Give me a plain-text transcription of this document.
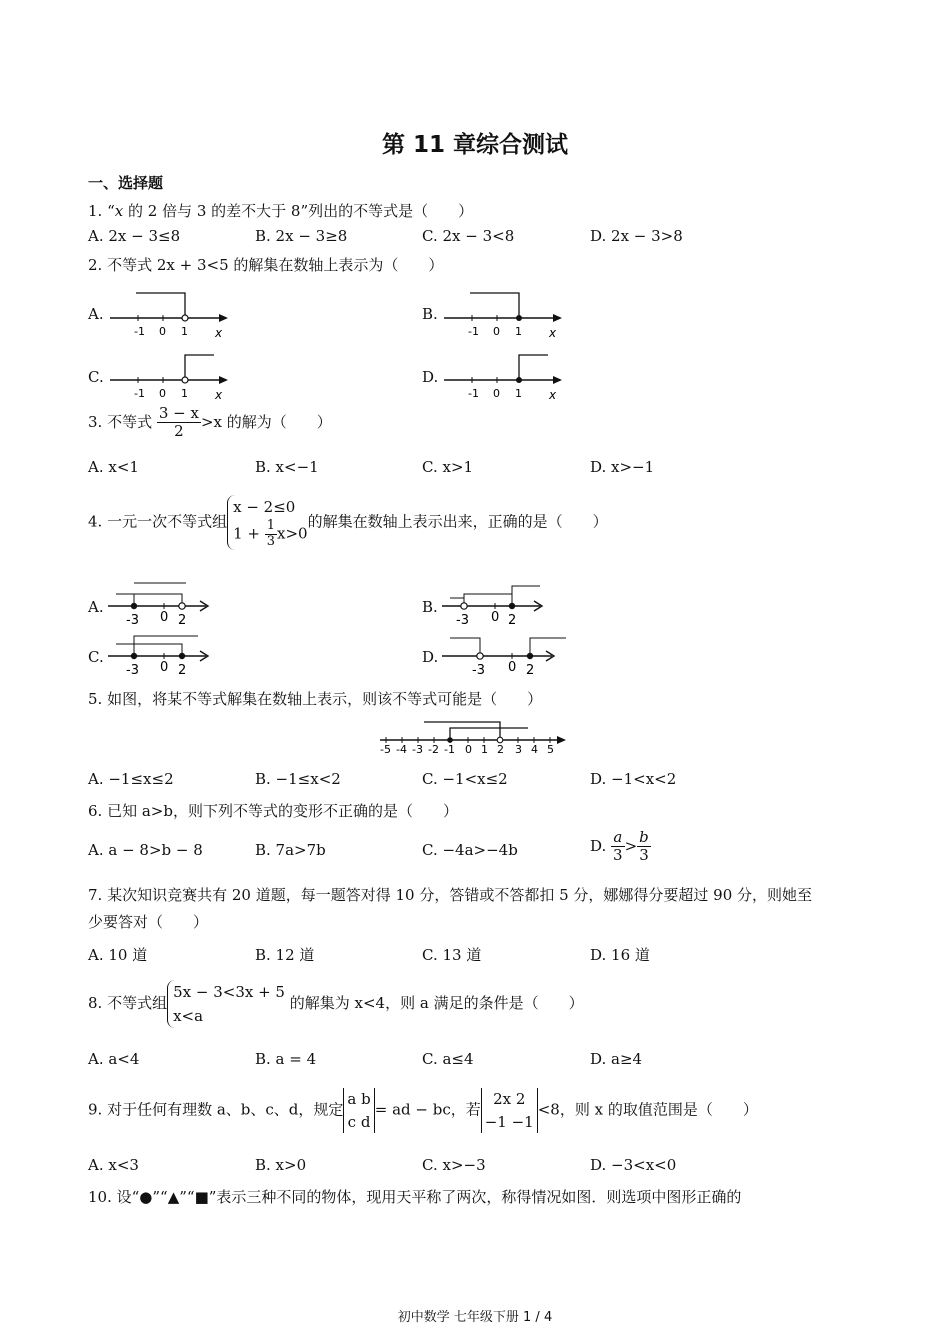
第 11 章综合测试
一、选择题
1. “x 的 2 倍与 3 的差不大于 8”列出的不等式是（　　）
A. 2x − 3≤8	B. 2x − 3≥8	C. 2x − 3<8	D. 2x − 3>8
2. 不等式 2x + 3<5 的解集在数轴上表示为（　　）
A.
-1 0 1 x
B.
-1 0 1 x
C.
-1 0 1 x
D.
-1 0 1 x
3. 不等式 $\frac{3 - x}{2} >x$ 的解为（　　）
A. x<1	B. x<−1	C. x>1	D. x>−1
4. 一元一次不等式组x − 2≤0
$1 + \frac{1}{3} x>0$的解集在数轴上表示出来，正确的是（　　）
A.
-3 0 2
B.
-3 0 2
C.
-3 0 2
D.
-3 0 2
5. 如图，将某不等式解集在数轴上表示，则该不等式可能是（　　）
-5 -4 -3 -2 -1 0 1 2 3 4 5
A. −1≤x≤2	B. −1≤x<2	C. −1<x≤2	D. −1<x<2
6. 已知 a>b，则下列不等式的变形不正确的是（　　）
A. a − 8>b − 8	B. 7a>7b	C. −4a>−4b	D. $\frac{a}{3} > \frac{b}{3}$
7. 某次知识竞赛共有 20 道题，每一题答对得 10 分，答错或不答都扣 5 分，娜娜得分要超过 90 分，则她至
少要答对（　　）
A. 10 道	B. 12 道	C. 13 道	D. 16 道
8. 不等式组5x − 3<3x + 5
x<a 的解集为 x<4，则 a 满足的条件是（　　）
A. a<4	B. a = 4	C. a≤4	D. a≥4
9. 对于任何有理数 a、b、c、d，规定a b
c d= ad − bc，若2x 2
−1 −1<8，则 x 的取值范围是（　　）
A. x<3	B. x>0	C. x>−3	D. −3<x<0
10. 设“●”“▲”“■”表示三种不同的物体，现用天平称了两次，称得情况如图．则选项中图形正确的
初中数学 七年级下册 1 / 4
